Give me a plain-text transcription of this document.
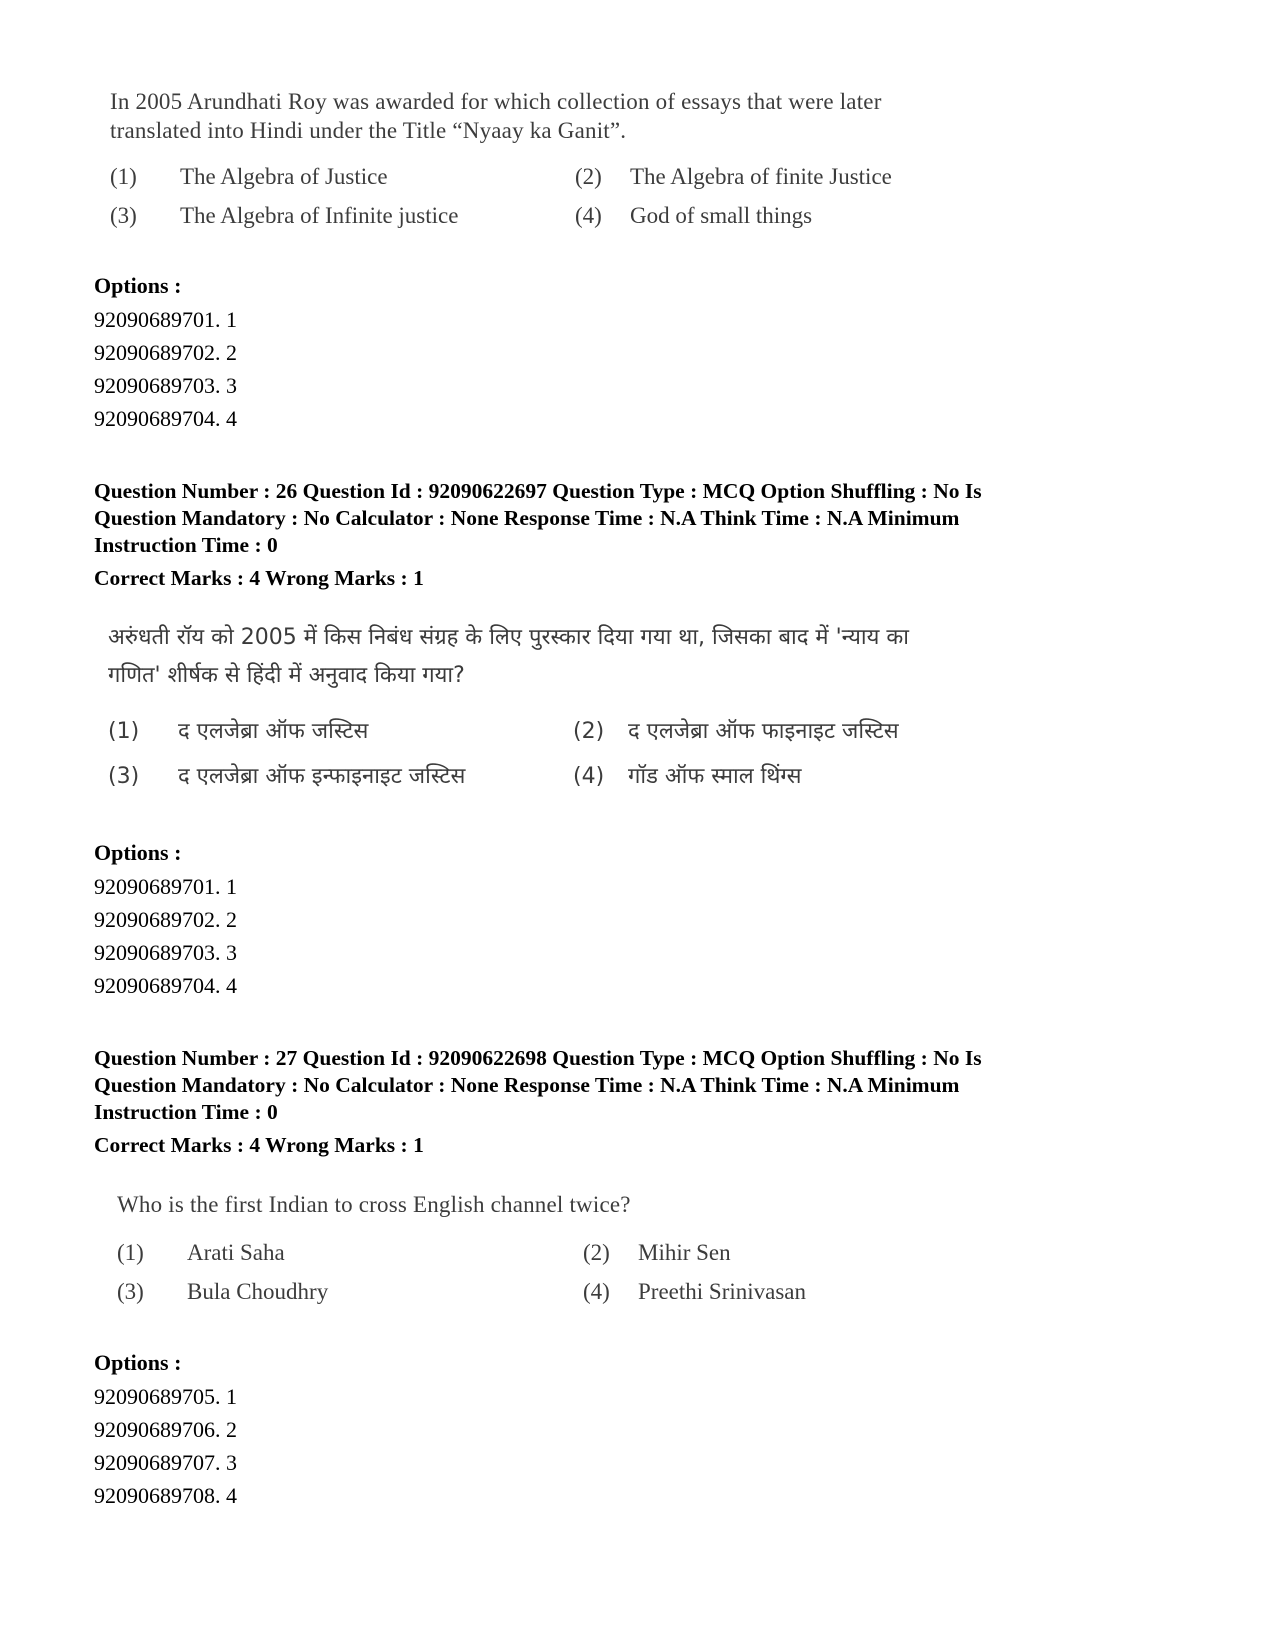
In 2005 Arundhati Roy was awarded for which collection of essays that were later
translated into Hindi under the Title “Nyaay ka Ganit”.
(1) The Algebra of Justice	(2) The Algebra of finite Justice
(3) The Algebra of Infinite justice	(4) God of small things
Options :
92090689701. 1
92090689702. 2
92090689703. 3
92090689704. 4
Question Number : 26 Question Id : 92090622697 Question Type : MCQ Option Shuffling : No Is
Question Mandatory : No Calculator : None Response Time : N.A Think Time : N.A Minimum
Instruction Time : 0
Correct Marks : 4 Wrong Marks : 1
अरुंधती रॉय को 2005 में किस निबंध संग्रह के लिए पुरस्कार दिया गया था, जिसका बाद में 'न्याय का
गणित' शीर्षक से हिंदी में अनुवाद किया गया?
(1) द एलजेब्रा ऑफ जस्टिस	(2) द एलजेब्रा ऑफ फाइनाइट जस्टिस
(3) द एलजेब्रा ऑफ इन्फाइनाइट जस्टिस	(4) गॉड ऑफ स्माल थिंग्स
Options :
92090689701. 1
92090689702. 2
92090689703. 3
92090689704. 4
Question Number : 27 Question Id : 92090622698 Question Type : MCQ Option Shuffling : No Is
Question Mandatory : No Calculator : None Response Time : N.A Think Time : N.A Minimum
Instruction Time : 0
Correct Marks : 4 Wrong Marks : 1
Who is the first Indian to cross English channel twice?
(1) Arati Saha	(2) Mihir Sen
(3) Bula Choudhry	(4) Preethi Srinivasan
Options :
92090689705. 1
92090689706. 2
92090689707. 3
92090689708. 4
